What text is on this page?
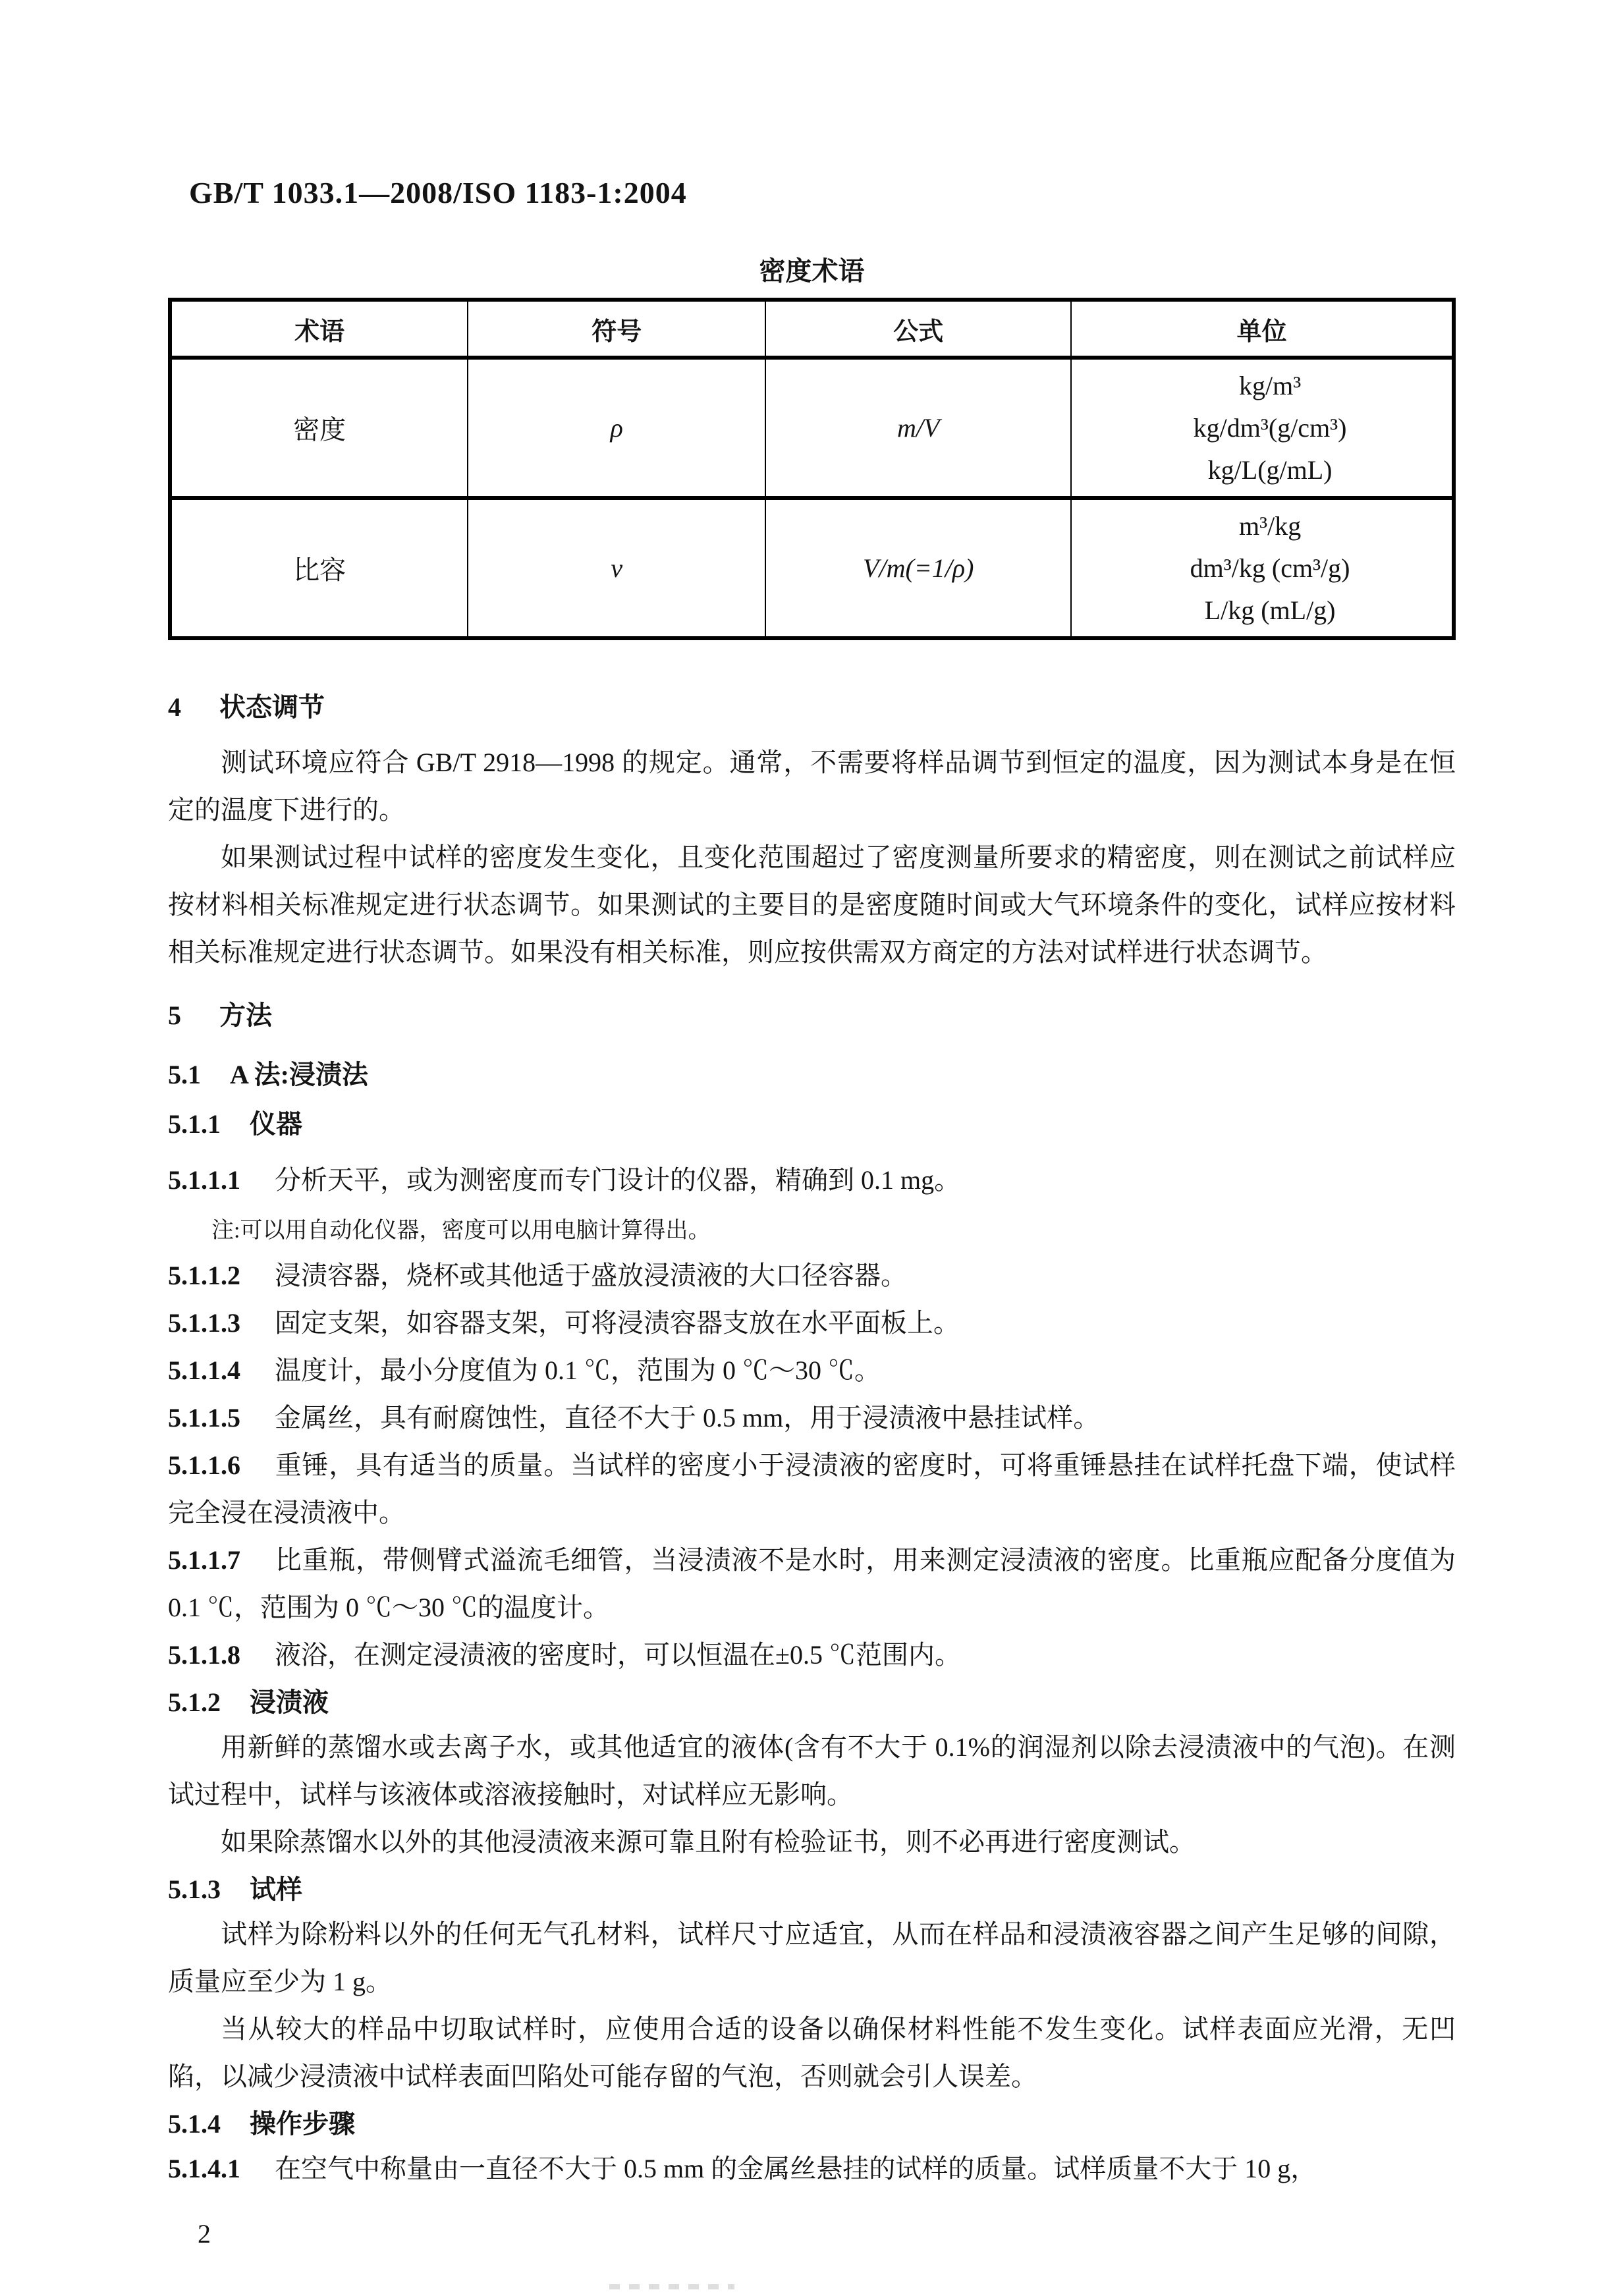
GB/T 1033.1—2008/ISO 1183-1:2004
密度术语
术语	符号	公式	单位
密度	ρ	m/V	kg/m³
kg/dm³(g/cm³)
kg/L(g/mL)

比容	ν	V/m(=1/ρ)	m³/kg
dm³/kg (cm³/g)
L/kg (mL/g)
4 状态调节
测试环境应符合 GB/T 2918—1998 的规定。通常，不需要将样品调节到恒定的温度，因为测试本身是在恒定的温度下进行的。
如果测试过程中试样的密度发生变化，且变化范围超过了密度测量所要求的精密度，则在测试之前试样应按材料相关标准规定进行状态调节。如果测试的主要目的是密度随时间或大气环境条件的变化，试样应按材料相关标准规定进行状态调节。如果没有相关标准，则应按供需双方商定的方法对试样进行状态调节。
5 方法
5.1 A 法:浸渍法
5.1.1 仪器
5.1.1.1 分析天平，或为测密度而专门设计的仪器，精确到 0.1 mg。
注:可以用自动化仪器，密度可以用电脑计算得出。
5.1.1.2 浸渍容器，烧杯或其他适于盛放浸渍液的大口径容器。
5.1.1.3 固定支架，如容器支架，可将浸渍容器支放在水平面板上。
5.1.1.4 温度计，最小分度值为 0.1 ℃，范围为 0 ℃～30 ℃。
5.1.1.5 金属丝，具有耐腐蚀性，直径不大于 0.5 mm，用于浸渍液中悬挂试样。
5.1.1.6 重锤，具有适当的质量。当试样的密度小于浸渍液的密度时，可将重锤悬挂在试样托盘下端，使试样完全浸在浸渍液中。
5.1.1.7 比重瓶，带侧臂式溢流毛细管，当浸渍液不是水时，用来测定浸渍液的密度。比重瓶应配备分度值为 0.1 ℃，范围为 0 ℃～30 ℃的温度计。
5.1.1.8 液浴，在测定浸渍液的密度时，可以恒温在±0.5 ℃范围内。
5.1.2 浸渍液
用新鲜的蒸馏水或去离子水，或其他适宜的液体(含有不大于 0.1%的润湿剂以除去浸渍液中的气泡)。在测试过程中，试样与该液体或溶液接触时，对试样应无影响。
如果除蒸馏水以外的其他浸渍液来源可靠且附有检验证书，则不必再进行密度测试。
5.1.3 试样
试样为除粉料以外的任何无气孔材料，试样尺寸应适宜，从而在样品和浸渍液容器之间产生足够的间隙，质量应至少为 1 g。
当从较大的样品中切取试样时，应使用合适的设备以确保材料性能不发生变化。试样表面应光滑，无凹陷，以减少浸渍液中试样表面凹陷处可能存留的气泡，否则就会引人误差。
5.1.4 操作步骤
5.1.4.1 在空气中称量由一直径不大于 0.5 mm 的金属丝悬挂的试样的质量。试样质量不大于 10 g，
2
